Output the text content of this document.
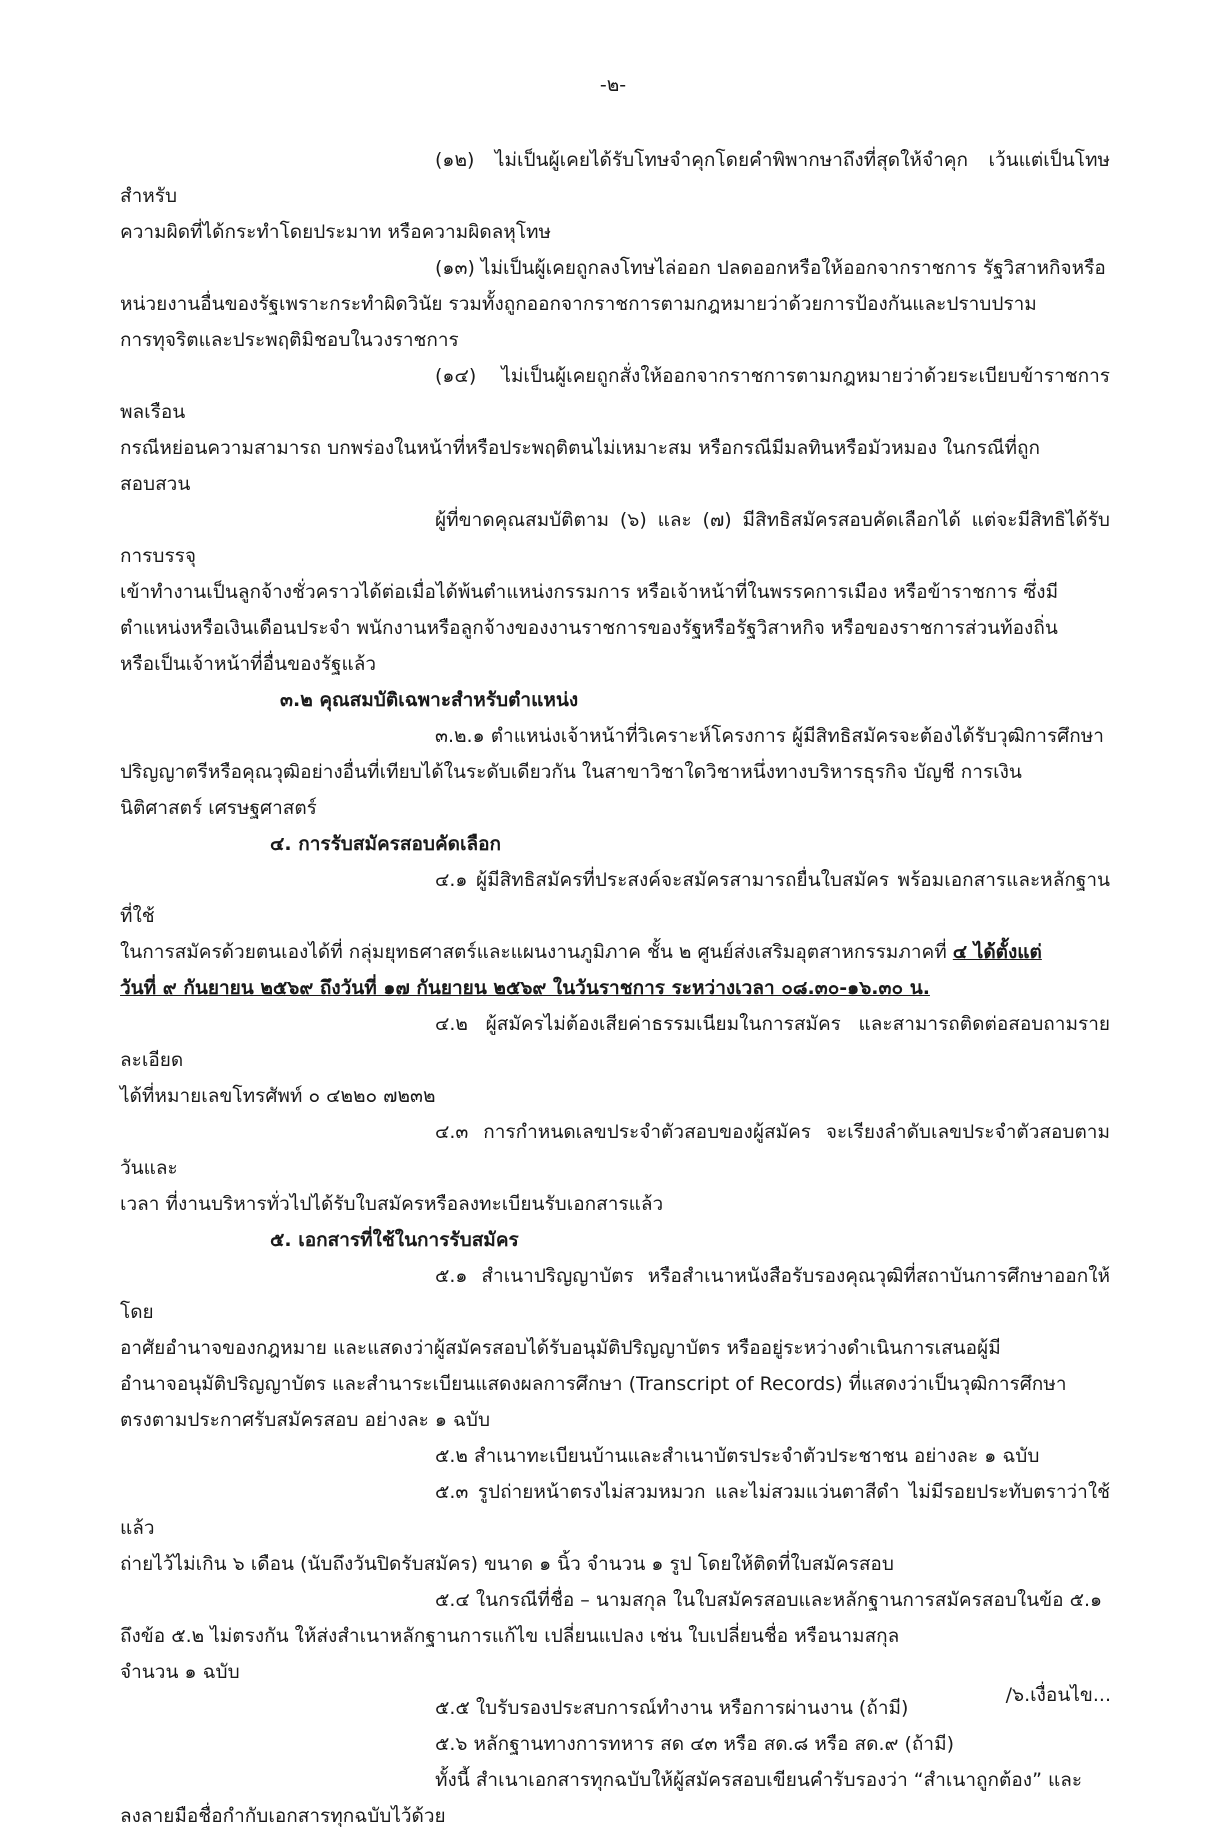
-๒-

(๑๒) ไม่เป็นผู้เคยได้รับโทษจำคุกโดยคำพิพากษาถึงที่สุดให้จำคุก เว้นแต่เป็นโทษสำหรับ

ความผิดที่ได้กระทำโดยประมาท หรือความผิดลหุโทษ

(๑๓) ไม่เป็นผู้เคยถูกลงโทษไล่ออก ปลดออกหรือให้ออกจากราชการ รัฐวิสาหกิจหรือ

หน่วยงานอื่นของรัฐเพราะกระทำผิดวินัย รวมทั้งถูกออกจากราชการตามกฎหมายว่าด้วยการป้องกันและปราบปราม

การทุจริตและประพฤติมิชอบในวงราชการ

(๑๔) ไม่เป็นผู้เคยถูกสั่งให้ออกจากราชการตามกฎหมายว่าด้วยระเบียบข้าราชการพลเรือน

กรณีหย่อนความสามารถ บกพร่องในหน้าที่หรือประพฤติตนไม่เหมาะสม หรือกรณีมีมลทินหรือมัวหมอง ในกรณีที่ถูก

สอบสวน

ผู้ที่ขาดคุณสมบัติตาม (๖) และ (๗) มีสิทธิสมัครสอบคัดเลือกได้ แต่จะมีสิทธิได้รับการบรรจุ

เข้าทำงานเป็นลูกจ้างชั่วคราวได้ต่อเมื่อได้พ้นตำแหน่งกรรมการ หรือเจ้าหน้าที่ในพรรคการเมือง หรือข้าราชการ ซึ่งมี

ตำแหน่งหรือเงินเดือนประจำ พนักงานหรือลูกจ้างของงานราชการของรัฐหรือรัฐวิสาหกิจ หรือของราชการส่วนท้องถิ่น

หรือเป็นเจ้าหน้าที่อื่นของรัฐแล้ว

๓.๒ คุณสมบัติเฉพาะสำหรับตำแหน่ง

๓.๒.๑ ตำแหน่งเจ้าหน้าที่วิเคราะห์โครงการ ผู้มีสิทธิสมัครจะต้องได้รับวุฒิการศึกษา

ปริญญาตรีหรือคุณวุฒิอย่างอื่นที่เทียบได้ในระดับเดียวกัน ในสาขาวิชาใดวิชาหนึ่งทางบริหารธุรกิจ บัญชี การเงิน

นิติศาสตร์ เศรษฐศาสตร์

๔. การรับสมัครสอบคัดเลือก

๔.๑ ผู้มีสิทธิสมัครที่ประสงค์จะสมัครสามารถยื่นใบสมัคร พร้อมเอกสารและหลักฐานที่ใช้

ในการสมัครด้วยตนเองได้ที่ กลุ่มยุทธศาสตร์และแผนงานภูมิภาค ชั้น ๒ ศูนย์ส่งเสริมอุตสาหกรรมภาคที่ ๔ ได้ตั้งแต่

วันที่ ๙ กันยายน ๒๕๖๙ ถึงวันที่ ๑๗ กันยายน ๒๕๖๙ ในวันราชการ ระหว่างเวลา ๐๘.๓๐-๑๖.๓๐ น.

๔.๒ ผู้สมัครไม่ต้องเสียค่าธรรมเนียมในการสมัคร และสามารถติดต่อสอบถามรายละเอียด

ได้ที่หมายเลขโทรศัพท์ ๐ ๔๒๒๐ ๗๒๓๒

๔.๓ การกำหนดเลขประจำตัวสอบของผู้สมัคร จะเรียงลำดับเลขประจำตัวสอบตามวันและ

เวลา ที่งานบริหารทั่วไปได้รับใบสมัครหรือลงทะเบียนรับเอกสารแล้ว

๕. เอกสารที่ใช้ในการรับสมัคร

๕.๑ สำเนาปริญญาบัตร หรือสำเนาหนังสือรับรองคุณวุฒิที่สถาบันการศึกษาออกให้โดย

อาศัยอำนาจของกฎหมาย และแสดงว่าผู้สมัครสอบได้รับอนุมัติปริญญาบัตร หรืออยู่ระหว่างดำเนินการเสนอผู้มี

อำนาจอนุมัติปริญญาบัตร และสำนาระเบียนแสดงผลการศึกษา (Transcript of Records) ที่แสดงว่าเป็นวุฒิการศึกษา

ตรงตามประกาศรับสมัครสอบ อย่างละ ๑ ฉบับ

๕.๒ สำเนาทะเบียนบ้านและสำเนาบัตรประจำตัวประชาชน อย่างละ ๑ ฉบับ

๕.๓ รูปถ่ายหน้าตรงไม่สวมหมวก และไม่สวมแว่นตาสีดำ ไม่มีรอยประทับตราว่าใช้แล้ว

ถ่ายไว้ไม่เกิน ๖ เดือน (นับถึงวันปิดรับสมัคร) ขนาด ๑ นิ้ว จำนวน ๑ รูป โดยให้ติดที่ใบสมัครสอบ

๕.๔ ในกรณีที่ชื่อ – นามสกุล ในใบสมัครสอบและหลักฐานการสมัครสอบในข้อ ๕.๑

ถึงข้อ ๕.๒ ไม่ตรงกัน ให้ส่งสำเนาหลักฐานการแก้ไข เปลี่ยนแปลง เช่น ใบเปลี่ยนชื่อ หรือนามสกุล

จำนวน ๑ ฉบับ

๕.๕ ใบรับรองประสบการณ์ทำงาน หรือการผ่านงาน (ถ้ามี)

๕.๖ หลักฐานทางการทหาร สด ๔๓ หรือ สด.๘ หรือ สด.๙ (ถ้ามี)

ทั้งนี้ สำเนาเอกสารทุกฉบับให้ผู้สมัครสอบเขียนคำรับรองว่า “สำเนาถูกต้อง” และ

ลงลายมือชื่อกำกับเอกสารทุกฉบับไว้ด้วย

/๖.เงื่อนไข...
